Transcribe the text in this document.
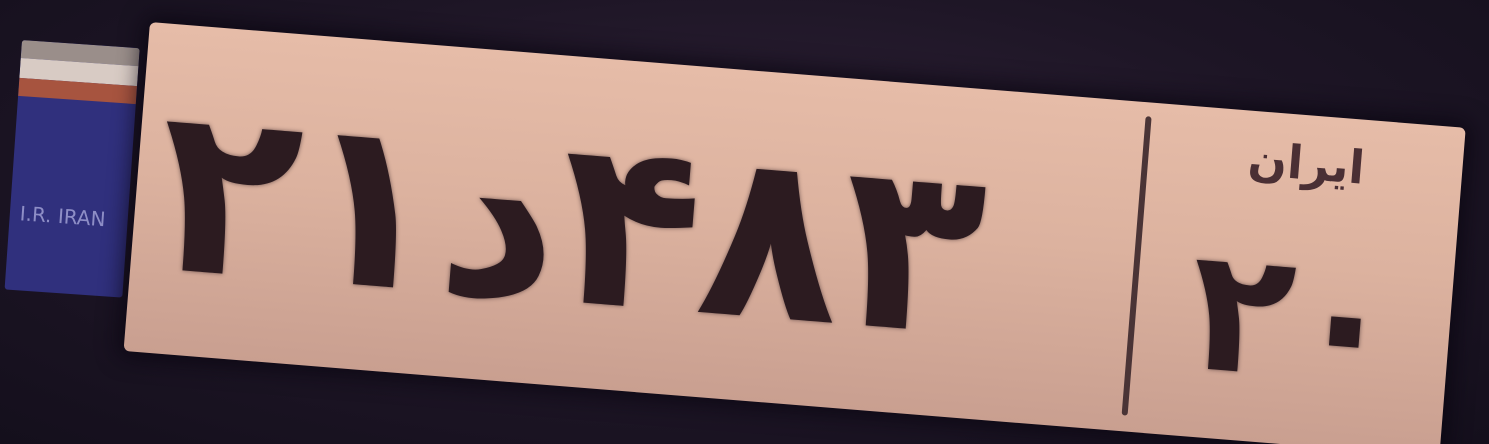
I.R. IRAN ۲۱د۴۸۳	ایران
۲۰
